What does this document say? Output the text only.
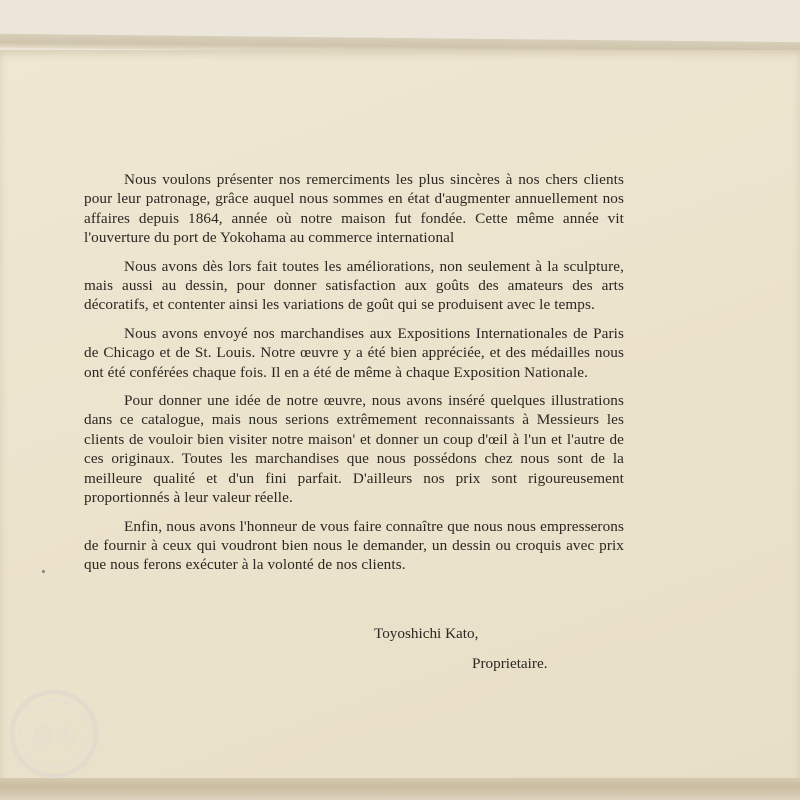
Nous voulons présenter nos remerciments les plus sincères à nos chers clients pour leur patronage, grâce auquel nous sommes en état d'augmenter annuellement nos affaires depuis 1864, année où notre maison fut fondée. Cette même année vit l'ouverture du port de Yokohama au commerce international

Nous avons dès lors fait toutes les améliorations, non seulement à la sculpture, mais aussi au dessin, pour donner satisfaction aux goûts des amateurs des arts décoratifs, et contenter ainsi les variations de goût qui se produisent avec le temps.

Nous avons envoyé nos marchandises aux Expositions Internationales de Paris de Chicago et de St. Louis. Notre œuvre y a été bien appréciée, et des médailles nous ont été conférées chaque fois. Il en a été de même à chaque Exposition Nationale.

Pour donner une idée de notre œuvre, nous avons inséré quelques illustrations dans ce catalogue, mais nous serions extrêmement reconnaissants à Messieurs les clients de vouloir bien visiter notre maison' et donner un coup d'œil à l'un et l'autre de ces originaux. Toutes les marchandises que nous possédons chez nous sont de la meilleure qualité et d'un fini parfait. D'ailleurs nos prix sont rigoureusement proportionnés à leur valeur réelle.

Enfin, nous avons l'honneur de vous faire connaître que nous nous empresserons de fournir à ceux qui voudront bien nous le demander, un dessin ou croquis avec prix que nous ferons exécuter à la volonté de nos clients.

Toyoshichi Kato,
Proprietaire.
嘉木
